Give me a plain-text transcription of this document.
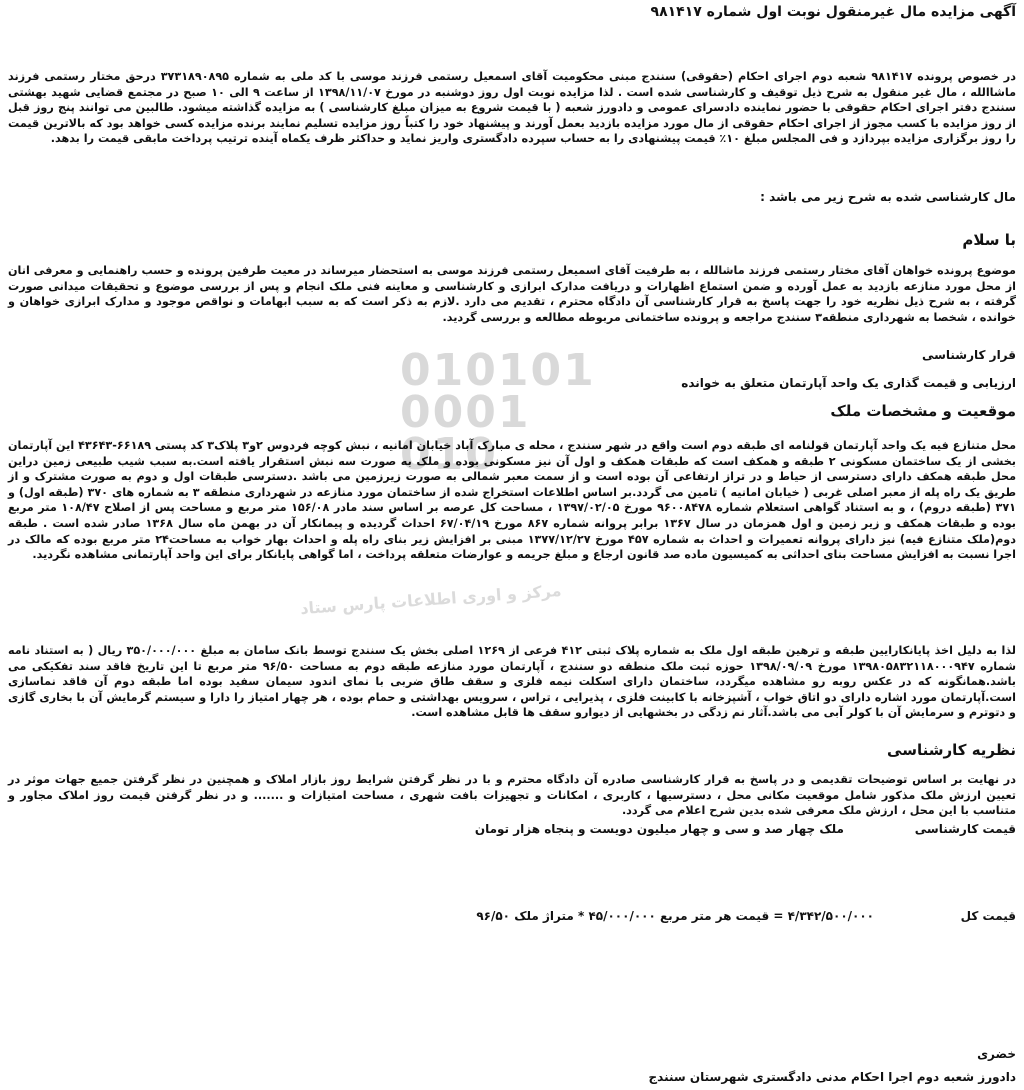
010101
0001
010
مرکز و اوری اطلاعات پارس ستاد
آگهی مزایده مال غیرمنقول نوبت اول شماره ۹۸۱۴۱۷
در خصوص پرونده ۹۸۱۴۱۷ شعبه دوم اجرای احکام (حقوقی) سنندج مبنی محکومیت آقای اسمعیل رستمی فرزند موسی با کد ملی به شماره ۳۷۳۱۸۹۰۸۹۵ درحق مختار رستمی فرزند ماشاالله ، مال غیر منقول به شرح ذیل توقیف و کارشناسی شده است . لذا مزایده نوبت اول روز دوشنبه در مورخ ۱۳۹۸/۱۱/۰۷ از ساعت ۹ الی ۱۰ صبح در مجتمع قضایی شهید بهشتی سنندج دفتر اجرای احکام حقوقی با حضور نماینده دادسرای عمومی و دادورز شعبه ( با قیمت شروع به میزان مبلغ کارشناسی ) به مزایده گذاشته میشود. طالبین می توانند پنج روز قبل از روز مزایده با کسب مجوز از اجرای احکام حقوقی از مال مورد مزایده بازدید بعمل آورند و پیشنهاد خود را کتباً روز مزایده تسلیم نمایند برنده مزایده کسی خواهد بود که بالاترین قیمت را روز برگزاری مزایده بپردازد و فی المجلس مبلغ ۱۰٪ قیمت پیشنهادی را به حساب سپرده دادگستری واریز نماید و حداکثر ظرف یکماه آینده ترتیب پرداخت مابقی قیمت را بدهد.
مال کارشناسی شده به شرح زیر می باشد :
با سلام
موضوع پرونده خواهان آقای مختار رستمی فرزند ماشالله ، به طرفیت آقای اسمیعل رستمی فرزند موسی به استحضار میرساند در معیت طرفین پرونده و حسب راهنمایی و معرفی انان از محل مورد منازعه بازدید به عمل آورده و ضمن استماع اظهارات و دریافت مدارک ابرازی و کارشناسی و معاینه فنی ملک انجام و پس از بررسی موضوع و تحقیقات میدانی صورت گرفته ، به شرح ذیل نظریه خود را جهت پاسخ به قرار کارشناسی آن دادگاه محترم ، تقدیم می دارد .لازم به ذکر است که به سبب ابهامات و نواقص موجود و مدارک ابرازی خواهان و خوانده ، شخصا به شهرداری منطقه۳ سنندج مراجعه و پرونده ساختمانی مربوطه مطالعه و بررسی گردید.
قرار کارشناسی
ارزیابی و قیمت گذاری یک واحد آپارتمان متعلق به خوانده
موقعیت و مشخصات ملک
محل متنازع فیه یک واحد آپارتمان قولنامه ای طبقه دوم است واقع در شهر سنندج ، محله ی مبارک آباد خیابان امانیه ، نبش کوچه فردوس ۲و۳ پلاک۳ کد پستی ۶۶۱۸۹-۴۳۶۴۳ این آپارتمان بخشی از یک ساختمان مسکونی ۲ طبقه و همکف است که طبقات همکف و اول آن نیز مسکونی بوده و ملک به صورت سه نبش استقرار یافته است.به سبب شیب طبیعی زمین دراین محل طبقه همکف دارای دسترسی از حیاط و در تراز ارتفاعی آن بوده است و از سمت معبر شمالی به صورت زیرزمین می باشد .دسترسی طبقات اول و دوم به صورت مشترک و از طریق یک راه پله از معبر اصلی غربی ( خیابان امانیه ) تامین می گردد.بر اساس اطلاعات استخراج شده از ساختمان مورد منازعه در شهرداری منطقه ۳ به شماره های ۳۷۰ (طبقه اول) و ۳۷۱ (طبقه دروم) ، و به استناد گواهی استعلام شماره ۹۶۰۰۸۴۷۸ مورخ ۱۳۹۷/۰۲/۰۵ ، مساحت کل عرصه بر اساس سند مادر ۱۵۶/۰۸ متر مربع و مساحت پس از اصلاح ۱۰۸/۴۷ متر مربع بوده و طبقات همکف و زیر زمین و اول همزمان در سال ۱۳۶۷ برابر پروانه شماره ۸۶۷ مورخ ۶۷/۰۴/۱۹ احداث گردیده و پیمانکار آن در بهمن ماه سال ۱۳۶۸ صادر شده است . طبقه دوم(ملک متنازع فیه) نیز دارای پروانه تعمیرات و احداث به شماره ۴۵۷ مورخ ۱۳۷۷/۱۲/۲۷ مبنی بر افزایش زیر بنای راه پله و احداث بهار خواب به مساحت۲۴ متر مربع بوده که مالک در اجرا نسبت به افزایش مساحت بنای احداثی به کمیسیون ماده صد قانون ارجاع و مبلغ جریمه و عوارضات متعلقه پرداخت ، اما گواهی پایانکار برای این واحد آپارتمانی مشاهده نگردید.
لذا به دلیل اخذ پایانکارایین طبقه و ترهین طبقه اول ملک به شماره پلاک ثبتی ۴۱۲ فرعی از ۱۲۶۹ اصلی بخش یک سنندج توسط بانک سامان به مبلغ ۳۵۰/۰۰۰/۰۰۰ ریال ( به استناد نامه شماره ۱۳۹۸۰۵۸۳۲۱۱۸۰۰۰۹۴۷ مورخ ۱۳۹۸/۰۹/۰۹ حوزه ثبت ملک منطقه دو سنندج ، آپارتمان مورد منازعه طبقه دوم به مساحت ۹۶/۵۰ متر مربع تا این تاریخ فاقد سند تفکیکی می باشد.همانگونه که در عکس روبه رو مشاهده میگردد، ساختمان دارای اسکلت نیمه فلزی و سقف طاق ضربی با نمای اندود سیمان سفید بوده اما طبقه دوم آن فاقد نماسازی است.آپارتمان مورد اشاره دارای دو اتاق خواب ، آشپزخانه با کابینت فلزی ، پذیرایی ، تراس ، سرویس بهداشتی و حمام بوده ، هر چهار امتیاز را دارا و سیستم گرمایش آن با بخاری گازی و دتوترم و سرمایش آن با کولر آبی می باشد.آثار نم زدگی در بخشهایی از دیوارو سقف ها قابل مشاهده است.
نظریه کارشناسی
در نهایت بر اساس توضیحات تقدیمی و در پاسخ به قرار کارشناسی صادره آن دادگاه محترم و با در نظر گرفتن شرایط روز بازار املاک و همچنین در نظر گرفتن جمیع جهات موثر در تعیین ارزش ملک مذکور شامل موقعیت مکانی محل ، دسترسیها ، کاربری ، امکانات و تجهیزات بافت شهری ، مساحت امتیازات و ....... و در نظر گرفتن قیمت روز املاک مجاور و متناسب با این محل ، ارزش ملک معرفی شده بدین شرح اعلام می گردد.
قیمت کارشناسی
ملک چهار صد و سی و چهار میلیون دویست و پنجاه هزار تومان
قیمت کل
۴/۳۴۲/۵۰۰/۰۰۰ = قیمت هر متر مربع ۴۵/۰۰۰/۰۰۰ * متراژ ملک ۹۶/۵۰
خضری
دادورز شعبه دوم اجرا احکام مدنی دادگستری شهرستان سنندج
